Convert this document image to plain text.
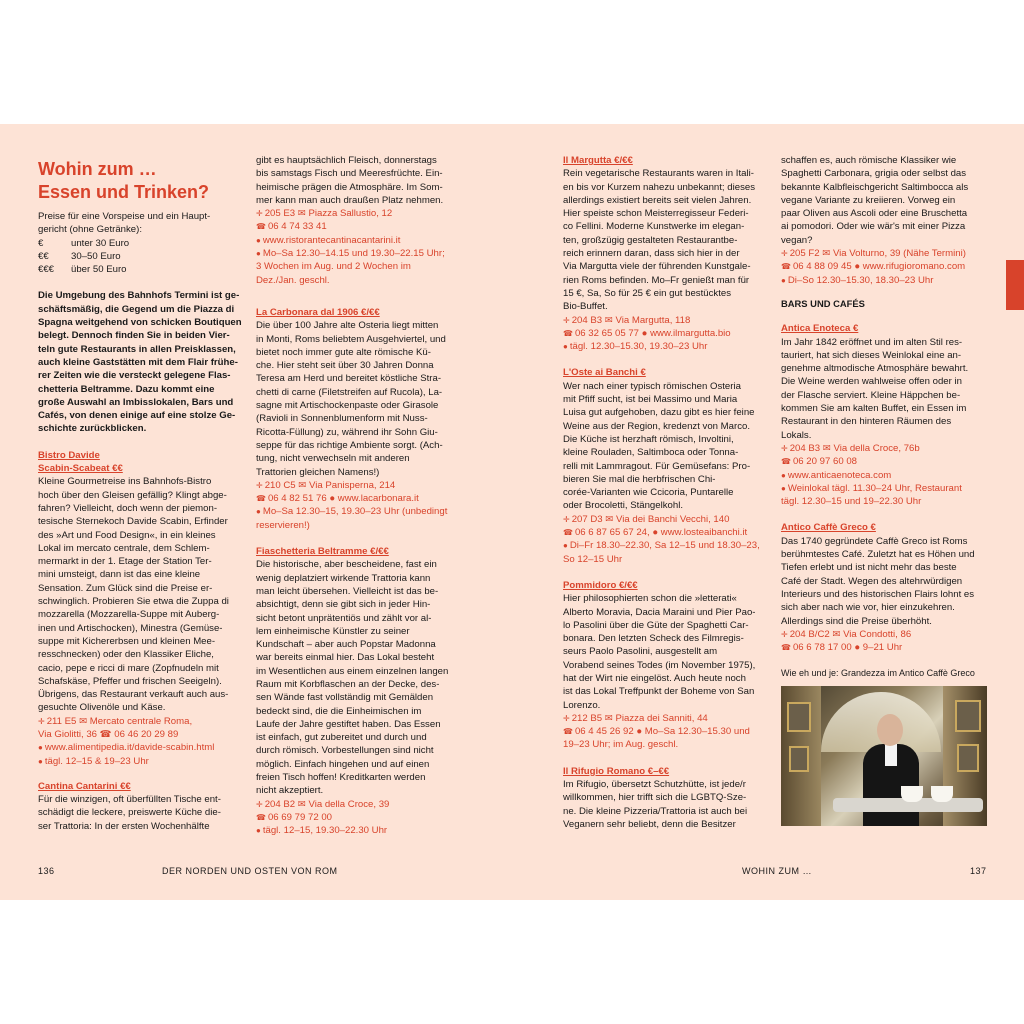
Wohin zum …
Essen und Trinken?
Preise für eine Vorspeise und ein Haupt-
gericht (ohne Getränke):
€	unter 30 Euro
€€	30–50 Euro
€€€	über 50 Euro
Die Umgebung des Bahnhofs Termini ist ge-
schäftsmäßig, die Gegend um die Piazza di
Spagna weitgehend von schicken Boutiquen
belegt. Dennoch finden Sie in beiden Vier-
teln gute Restaurants in allen Preisklassen,
auch kleine Gaststätten mit dem Flair frühe-
rer Zeiten wie die versteckt gelegene Flas-
chetteria Beltramme. Dazu kommt eine
große Auswahl an Imbisslokalen, Bars und
Cafés, von denen einige auf eine stolze Ge-
schichte zurückblicken.
Bistro Davide
Scabin-Scabeat €€
Kleine Gourmetreise ins Bahnhofs-Bistro
hoch über den Gleisen gefällig? Klingt abge-
fahren? Vielleicht, doch wenn der piemon-
tesische Sternekoch Davide Scabin, Erfinder
des »Art und Food Design«, in ein kleines
Lokal im mercato centrale, dem Schlem-
mermarkt in der 1. Etage der Station Ter-
mini umsteigt, dann ist das eine kleine
Sensation. Zum Glück sind die Preise er-
schwinglich. Probieren Sie etwa die Zuppa di
mozzarella (Mozzarella-Suppe mit Auberg-
inen und Artischocken), Minestra (Gemüse-
suppe mit Kichererbsen und kleinen Mee-
resschnecken) oder den Klassiker Eliche,
cacio, pepe e ricci di mare (Zopfnudeln mit
Schafskäse, Pfeffer und frischen Seeigeln).
Übrigens, das Restaurant verkauft auch aus-
gesuchte Olivenöle und Käse.
✛ 211 E5 ✉ Mercato centrale Roma,
Via Giolitti, 36 ☎ 06 46 20 29 89
● www.alimentipedia.it/davide-scabin.html
● tägl. 12–15 & 19–23 Uhr
Cantina Cantarini €€
Für die winzigen, oft überfüllten Tische ent-
schädigt die leckere, preiswerte Küche die-
ser Trattoria: In der ersten Wochenhälfte
gibt es hauptsächlich Fleisch, donnerstags
bis samstags Fisch und Meeresfrüchte. Ein-
heimische prägen die Atmosphäre. Im Som-
mer kann man auch draußen Platz nehmen.
✛ 205 E3 ✉ Piazza Sallustio, 12
☎ 06 4 74 33 41
● www.ristorantecantinacantarini.it
● Mo–Sa 12.30–14.15 und 19.30–22.15 Uhr;
3 Wochen im Aug. und 2 Wochen im
Dez./Jan. geschl.
La Carbonara dal 1906 €/€€
Die über 100 Jahre alte Osteria liegt mitten
in Monti, Roms beliebtem Ausgehviertel, und
bietet noch immer gute alte römische Kü-
che. Hier steht seit über 30 Jahren Donna
Teresa am Herd und bereitet köstliche Stra-
chetti di carne (Filetstreifen auf Rucola), La-
sagne mit Artischockenpaste oder Girasole
(Ravioli in Sonnenblumenform mit Nuss-
Ricotta-Füllung) zu, während ihr Sohn Giu-
seppe für das richtige Ambiente sorgt. (Ach-
tung, nicht verwechseln mit anderen
Trattorien gleichen Namens!)
✛ 210 C5 ✉ Via Panisperna, 214
☎ 06 4 82 51 76 ● www.lacarbonara.it
● Mo–Sa 12.30–15, 19.30–23 Uhr (unbedingt
reservieren!)
Fiaschetteria Beltramme €/€€
Die historische, aber bescheidene, fast ein
wenig deplatziert wirkende Trattoria kann
man leicht übersehen. Vielleicht ist das be-
absichtigt, denn sie gibt sich in jeder Hin-
sicht betont unprätentiös und zählt vor al-
lem einheimische Künstler zu seiner
Kundschaft – aber auch Popstar Madonna
war bereits einmal hier. Das Lokal besteht
im Wesentlichen aus einem einzelnen langen
Raum mit Korbflaschen an der Decke, des-
sen Wände fast vollständig mit Gemälden
bedeckt sind, die die Einheimischen im
Laufe der Jahre gestiftet haben. Das Essen
ist einfach, gut zubereitet und durch und
durch römisch. Vorbestellungen sind nicht
möglich. Einfach hingehen und auf einen
freien Tisch hoffen! Kreditkarten werden
nicht akzeptiert.
✛ 204 B2 ✉ Via della Croce, 39
☎ 06 69 79 72 00
● tägl. 12–15, 19.30–22.30 Uhr
Il Margutta €/€€
Rein vegetarische Restaurants waren in Itali-
en bis vor Kurzem nahezu unbekannt; dieses
allerdings existiert bereits seit vielen Jahren.
Hier speiste schon Meisterregisseur Federi-
co Fellini. Moderne Kunstwerke im elegan-
ten, großzügig gestalteten Restaurantbe-
reich erinnern daran, dass sich hier in der
Via Margutta viele der führenden Kunstgale-
rien Roms befinden. Mo–Fr genießt man für
15 €, Sa, So für 25 € ein gut bestücktes
Bio-Buffet.
✛ 204 B3 ✉ Via Margutta, 118
☎ 06 32 65 05 77 ● www.ilmargutta.bio
● tägl. 12.30–15.30, 19.30–23 Uhr
L'Oste ai Banchi €
Wer nach einer typisch römischen Osteria
mit Pfiff sucht, ist bei Massimo und Maria
Luisa gut aufgehoben, dazu gibt es hier feine
Weine aus der Region, kredenzt von Marco.
Die Küche ist herzhaft römisch, Involtini,
kleine Rouladen, Saltimboca oder Tonna-
relli mit Lammragout. Für Gemüsefans: Pro-
bieren Sie mal die herbfrischen Chi-
corée-Varianten wie Ccicoria, Puntarelle
oder Brocoletti, Stängelkohl.
✛ 207 D3 ✉ Via dei Banchi Vecchi, 140
☎ 06 6 87 65 67 24, ● www.losteaibanchi.it
● Di–Fr 18.30–22.30, Sa 12–15 und 18.30–23,
So 12–15 Uhr
Pommidoro €/€€
Hier philosophierten schon die »letterati«
Alberto Moravia, Dacia Maraini und Pier Pao-
lo Pasolini über die Güte der Spaghetti Car-
bonara. Den letzten Scheck des Filmregis-
seurs Paolo Pasolini, ausgestellt am
Vorabend seines Todes (im November 1975),
hat der Wirt nie eingelöst. Auch heute noch
ist das Lokal Treffpunkt der Boheme von San
Lorenzo.
✛ 212 B5 ✉ Piazza dei Sanniti, 44
☎ 06 4 45 26 92 ● Mo–Sa 12.30–15.30 und
19–23 Uhr; im Aug. geschl.
Il Rifugio Romano €–€€
Im Rifugio, übersetzt Schutzhütte, ist jede/r
willkommen, hier trifft sich die LGBTQ-Sze-
ne. Die kleine Pizzeria/Trattoria ist auch bei
Veganern sehr beliebt, denn die Besitzer
schaffen es, auch römische Klassiker wie
Spaghetti Carbonara, grigia oder selbst das
bekannte Kalbfleischgericht Saltimbocca als
vegane Variante zu kreiieren. Vorweg ein
paar Oliven aus Ascoli oder eine Bruschetta
ai pomodori. Oder wie wär's mit einer Pizza
vegan?
✛ 205 F2 ✉ Via Volturno, 39 (Nähe Termini)
☎ 06 4 88 09 45 ● www.rifugioromano.com
● Di–So 12.30–15.30, 18.30–23 Uhr
BARS UND CAFÉS
Antica Enoteca €
Im Jahr 1842 eröffnet und im alten Stil res-
tauriert, hat sich dieses Weinlokal eine an-
genehme altmodische Atmosphäre bewahrt.
Die Weine werden wahlweise offen oder in
der Flasche serviert. Kleine Häppchen be-
kommen Sie am kalten Buffet, ein Essen im
Restaurant in den hinteren Räumen des
Lokals.
✛ 204 B3 ✉ Via della Croce, 76b
☎ 06 20 97 60 08
● www.anticaenoteca.com
● Weinlokal tägl. 11.30–24 Uhr, Restaurant
tägl. 12.30–15 und 19–22.30 Uhr
Antico Caffè Greco €
Das 1740 gegründete Caffè Greco ist Roms
berühmtestes Café. Zuletzt hat es Höhen und
Tiefen erlebt und ist nicht mehr das beste
Café der Stadt. Wegen des altehrwürdigen
Interieurs und des historischen Flairs lohnt es
sich aber nach wie vor, hier einzukehren.
Allerdings sind die Preise überhöht.
✛ 204 B/C2 ✉ Via Condotti, 86
☎ 06 6 78 17 00 ● 9–21 Uhr
Wie eh und je: Grandezza im Antico Caffè Greco
136	DER NORDEN UND OSTEN VON ROM	WOHIN ZUM …	137
